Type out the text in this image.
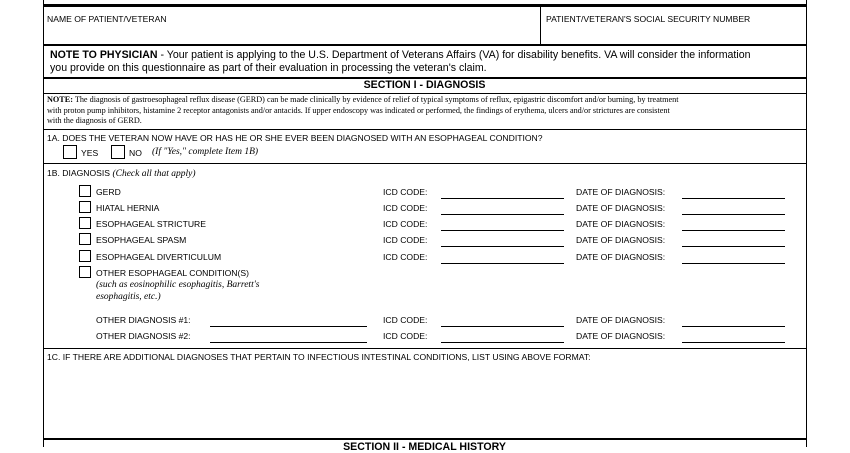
NAME OF PATIENT/VETERAN	PATIENT/VETERAN'S SOCIAL SECURITY NUMBER
NOTE TO PHYSICIAN - Your patient is applying to the U.S. Department of Veterans Affairs (VA) for disability benefits. VA will consider the information
you provide on this questionnaire as part of their evaluation in processing the veteran's claim.
SECTION I - DIAGNOSIS
NOTE: The diagnosis of gastroesophageal reflux disease (GERD) can be made clinically by evidence of relief of typical symptoms of reflux, epigastric discomfort and/or burning, by treatment
with proton pump inhibitors, histamine 2 receptor antagonists and/or antacids. If upper endoscopy was indicated or performed, the findings of erythema, ulcers and/or strictures are consistent
with the diagnosis of GERD.
1A. DOES THE VETERAN NOW HAVE OR HAS HE OR SHE EVER BEEN DIAGNOSED WITH AN ESOPHAGEAL CONDITION?
YES	NO (If "Yes," complete Item 1B)
1B. DIAGNOSIS (Check all that apply)
GERD	ICD CODE:	DATE OF DIAGNOSIS:
HIATAL HERNIA	ICD CODE:	DATE OF DIAGNOSIS:
ESOPHAGEAL STRICTURE	ICD CODE:	DATE OF DIAGNOSIS:
ESOPHAGEAL SPASM	ICD CODE:	DATE OF DIAGNOSIS:
ESOPHAGEAL DIVERTICULUM	ICD CODE:	DATE OF DIAGNOSIS:
OTHER ESOPHAGEAL CONDITION(S)
(such as eosinophilic esophagitis, Barrett's
esophagitis, etc.)
OTHER DIAGNOSIS #1:	ICD CODE:	DATE OF DIAGNOSIS:
OTHER DIAGNOSIS #2:	ICD CODE:	DATE OF DIAGNOSIS:
1C. IF THERE ARE ADDITIONAL DIAGNOSES THAT PERTAIN TO INFECTIOUS INTESTINAL CONDITIONS, LIST USING ABOVE FORMAT:
SECTION II - MEDICAL HISTORY
